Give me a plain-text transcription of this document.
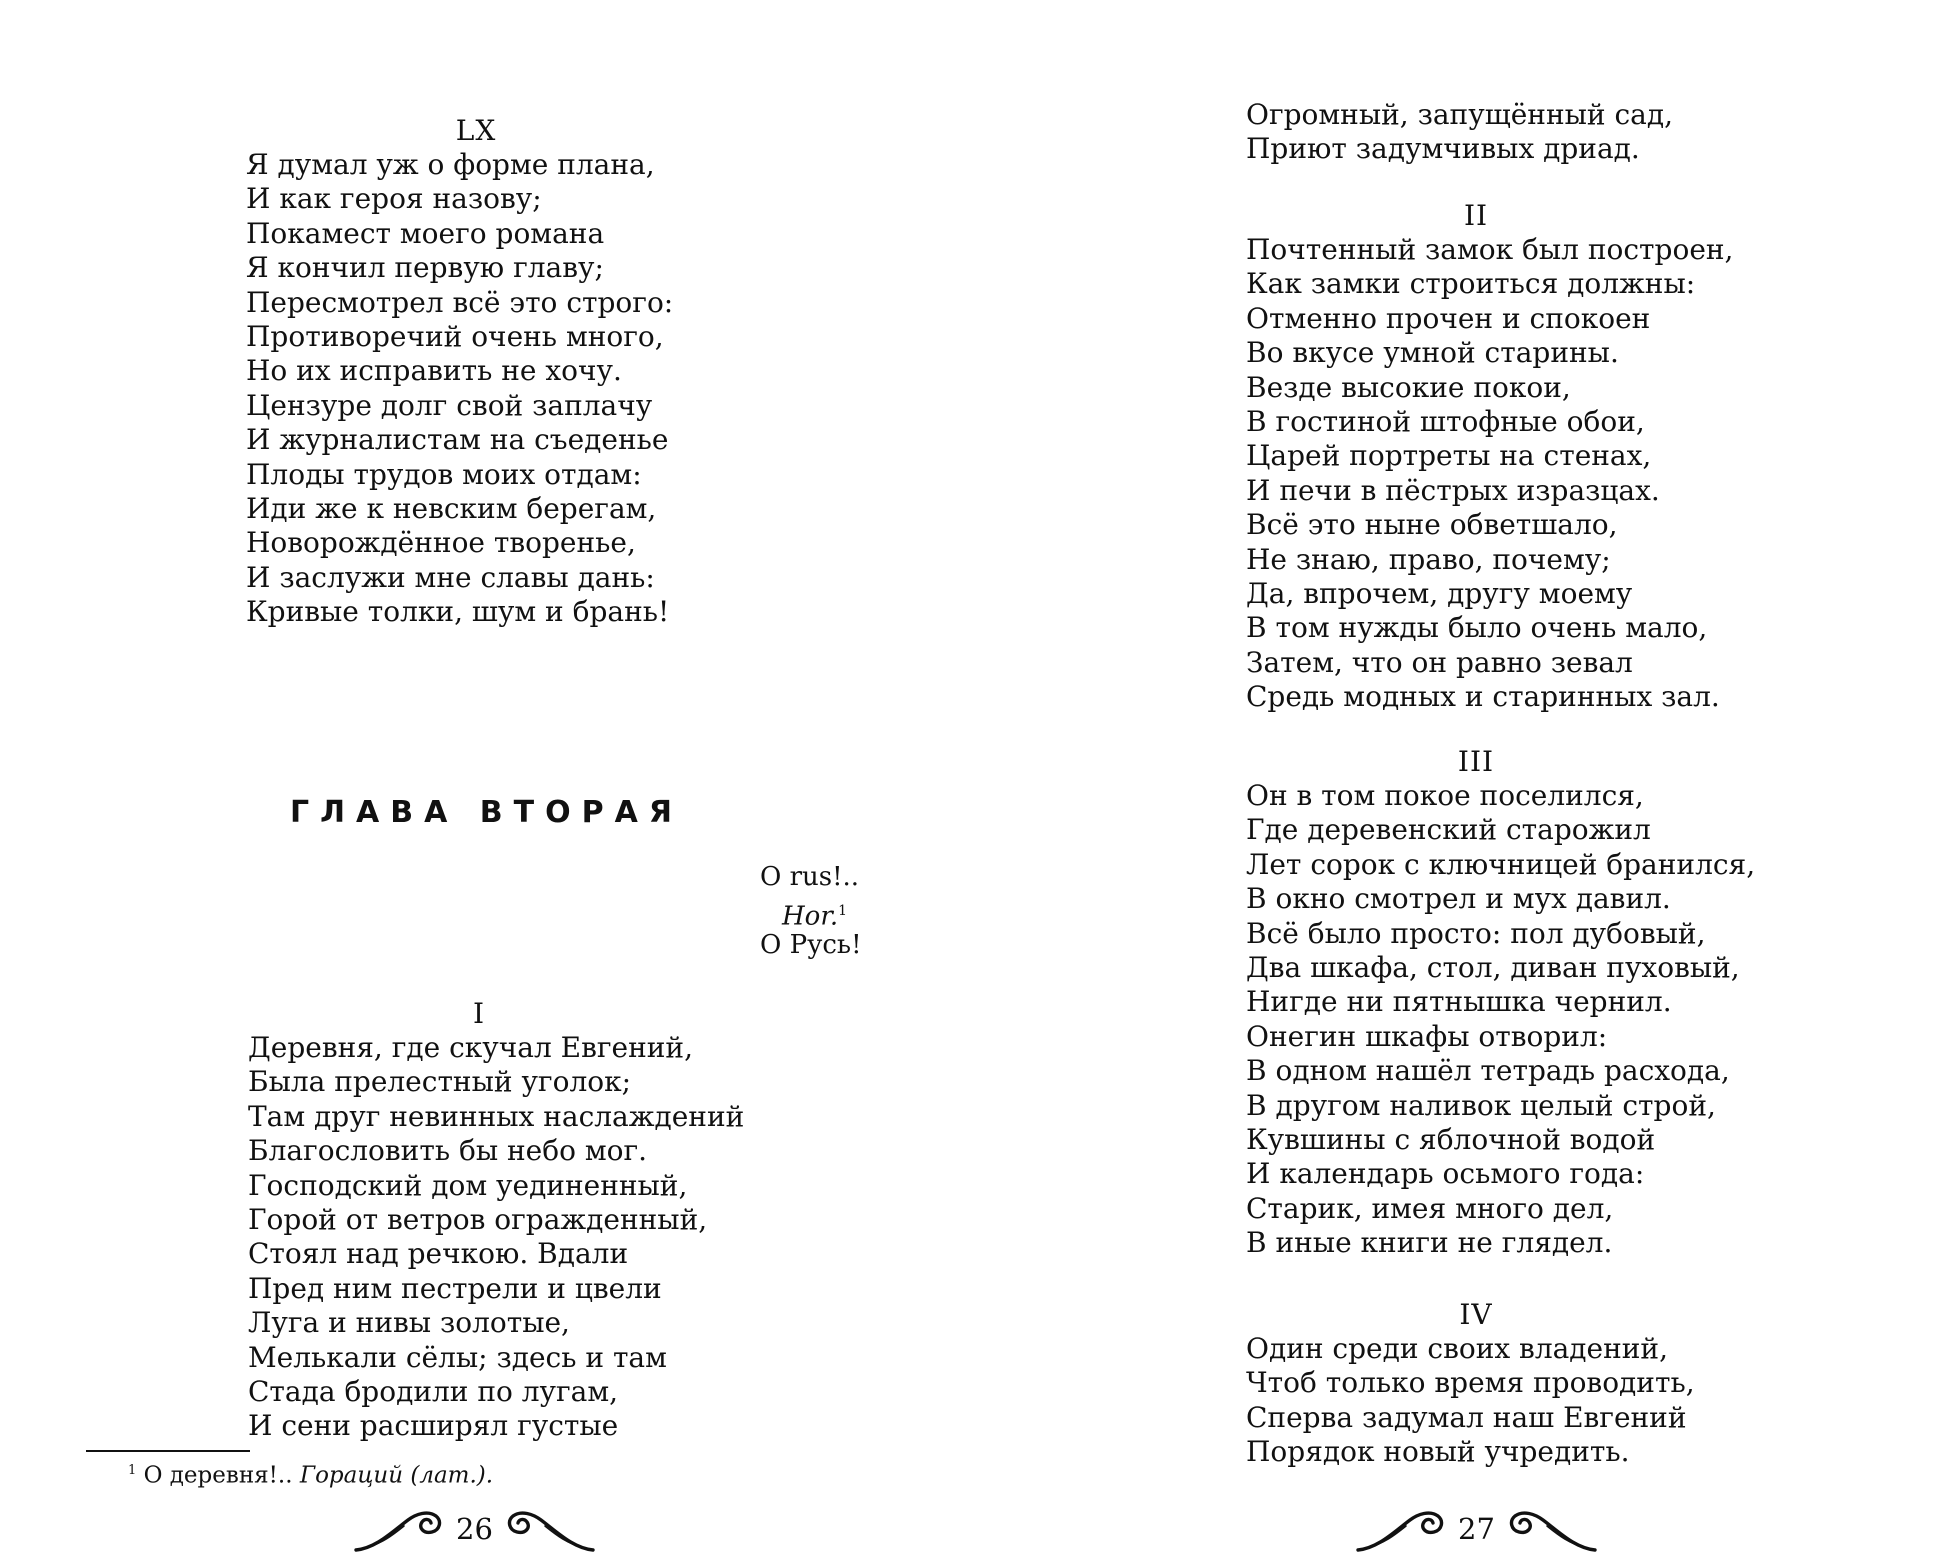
LX
Я думал уж о форме плана,
И как героя назову;
Покамест моего романа
Я кончил первую главу;
Пересмотрел всё это строго:
Противоречий очень много,
Но их исправить не хочу.
Цензуре долг свой заплачу
И журналистам на съеденье
Плоды трудов моих отдам:
Иди же к невским берегам,
Новорождённое творенье,
И заслужи мне славы дань:
Кривые толки, шум и брань!
ГЛАВА ВТОРАЯ
O rus!..
Hor.$^1$
О Русь!
I
Деревня, где скучал Евгений,
Была прелестный уголок;
Там друг невинных наслаждений
Благословить бы небо мог.
Господский дом уединенный,
Горой от ветров огражденный,
Стоял над речкою. Вдали
Пред ним пестрели и цвели
Луга и нивы золотые,
Мелькали сёлы; здесь и там
Стада бродили по лугам,
И сени расширял густые
$^1$ О деревня!.. Гораций (лат.).
26
Огромный, запущённый сад,
Приют задумчивых дриад.
II
Почтенный замок был построен,
Как замки строиться должны:
Отменно прочен и спокоен
Во вкусе умной старины.
Везде высокие покои,
В гостиной штофные обои,
Царей портреты на стенах,
И печи в пёстрых изразцах.
Всё это ныне обветшало,
Не знаю, право, почему;
Да, впрочем, другу моему
В том нужды было очень мало,
Затем, что он равно зевал
Средь модных и старинных зал.
III
Он в том покое поселился,
Где деревенский старожил
Лет сорок с ключницей бранился,
В окно смотрел и мух давил.
Всё было просто: пол дубовый,
Два шкафа, стол, диван пуховый,
Нигде ни пятнышка чернил.
Онегин шкафы отворил:
В одном нашёл тетрадь расхода,
В другом наливок целый строй,
Кувшины с яблочной водой
И календарь осьмого года:
Старик, имея много дел,
В иные книги не глядел.
IV
Один среди своих владений,
Чтоб только время проводить,
Сперва задумал наш Евгений
Порядок новый учредить.
27
